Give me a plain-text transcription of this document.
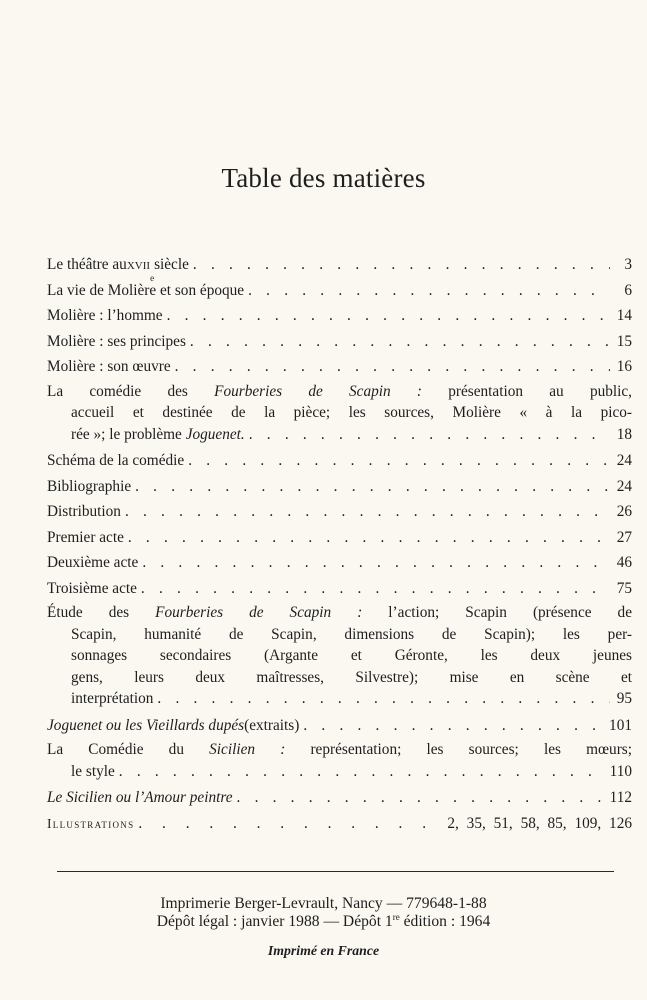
Table des matières
Le théâtre au xvii
e
siècle . . .	3
La vie de Molière et son époque . . .	6
Molière : l’homme . . .	14
Molière : ses principes . . .	15
Molière : son œuvre . . .	16
La comédie des Fourberies de Scapin : présentation au public,
accueil et destinée de la pièce; les sources, Molière « à la pico-
rée »; le problème Joguenet. . . .	18
Schéma de la comédie . . .	24
Bibliographie . . .	24
Distribution . . .	26
Premier acte . . .	27
Deuxième acte . . .	46
Troisième acte . . .	75
Étude des Fourberies de Scapin : l’action; Scapin (présence de
Scapin, humanité de Scapin, dimensions de Scapin); les per-
sonnages secondaires (Argante et Géronte, les deux jeunes
gens, leurs deux maîtresses, Silvestre); mise en scène et
interprétation . . .	95
Joguenet ou les Vieillards dupés (extraits) . . .	101
La Comédie du Sicilien : représentation; les sources; les mœurs;
le style . . .	110
Le Sicilien ou l’Amour peintre . . .	112
Illustrations . . .	2, 35, 51, 58, 85, 109, 126
Imprimerie Berger-Levrault, Nancy — 779648-1-88
Dépôt légal : janvier 1988 — Dépôt 1re édition : 1964
Imprimé en France
